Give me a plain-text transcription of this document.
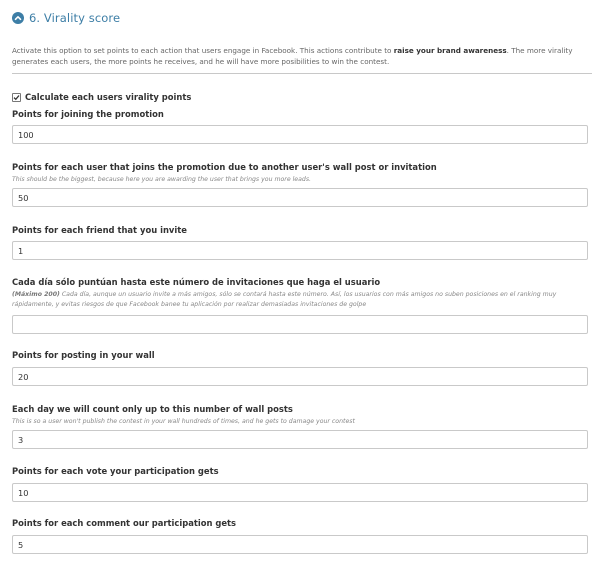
6. Virality score
Activate this option to set points to each action that users engage in Facebook. This actions contribute to raise your brand awareness. The more virality generates each users, the more points he receives, and he will have more posibilities to win the contest.
Calculate each users virality points
Points for joining the promotion
100
Points for each user that joins the promotion due to another user's wall post or invitation
This should be the biggest, because here you are awarding the user that brings you more leads.
50
Points for each friend that you invite
1
Cada día sólo puntúan hasta este número de invitaciones que haga el usuario
(Máximo 200) Cada día, aunque un usuario invite a más amigos, sólo se contará hasta este número. Así, los usuarios con más amigos no suben posiciones en el ranking muy rápidamente, y evitas riesgos de que Facebook banee tu aplicación por realizar demasiadas invitaciones de golpe
Points for posting in your wall
20
Each day we will count only up to this number of wall posts
This is so a user won't publish the contest in your wall hundreds of times, and he gets to damage your contest
3
Points for each vote your participation gets
10
Points for each comment our participation gets
5
